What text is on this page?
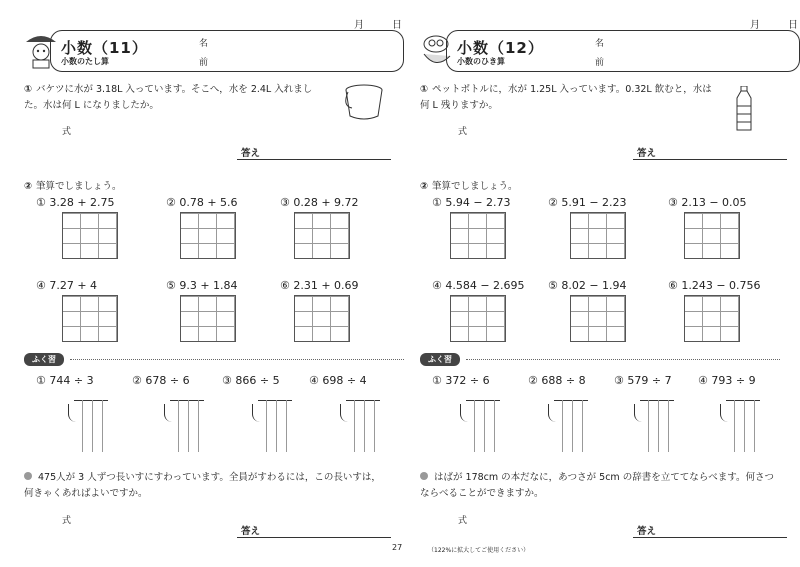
月	日
小数（11）
小数のたし算
名
前
① バケツに水が 3.18L 入っています。そこへ，水を 2.4L 入れました。水は何 L になりましたか。
式
答え
② 筆算でしましょう。
① 3.28 + 2.75	② 0.78 + 5.6	③ 0.28 + 9.72
④ 7.27 + 4	⑤ 9.3 + 1.84	⑥ 2.31 + 0.69
ふく習
① 744 ÷ 3	② 678 ÷ 6	③ 866 ÷ 5	④ 698 ÷ 4
475人が 3 人ずつ長いすにすわっています。全員がすわるには，この長いすは，何きゃくあればよいですか。
式
答え
月	日
小数（12）
小数のひき算
名
前
① ペットボトルに，水が 1.25L 入っています。0.32L 飲むと，水は何 L 残りますか。
式
答え
② 筆算でしましょう。
① 5.94 − 2.73	② 5.91 − 2.23	③ 2.13 − 0.05
④ 4.584 − 2.695 ⑤ 8.02 − 1.94	⑥ 1.243 − 0.756
ふく習
① 372 ÷ 6	② 688 ÷ 8	③ 579 ÷ 7 ④ 793 ÷ 9
はばが 178cm の本だなに，あつさが 5cm の辞書を立ててならべます。何さつならべることができますか。
式
答え
27	（122%に拡大してご使用ください）
